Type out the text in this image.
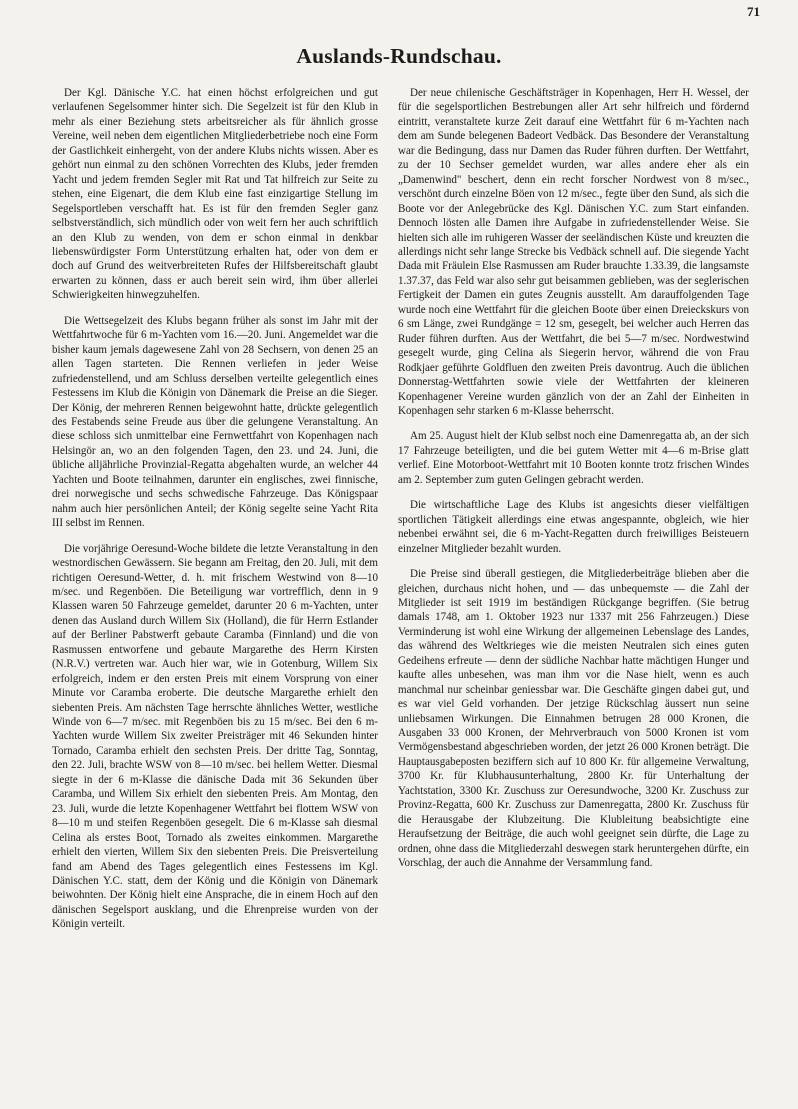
71
Auslands-Rundschau.

Der Kgl. Dänische Y.C. hat einen höchst erfolgreichen und gut verlaufenen Segelsommer hinter sich. Die Segelzeit ist für den Klub in mehr als einer Beziehung stets arbeitsreicher als für ähnlich grosse Vereine, weil neben dem eigentlichen Mitgliederbetriebe noch eine Form der Gastlichkeit einhergeht, von der andere Klubs nichts wissen. Aber es gehört nun einmal zu den schönen Vorrechten des Klubs, jeder fremden Yacht und jedem fremden Segler mit Rat und Tat hilfreich zur Seite zu stehen, eine Eigenart, die dem Klub eine fast einzigartige Stellung im Segelsportleben verschafft hat. Es ist für den fremden Segler ganz selbstverständlich, sich mündlich oder von weit fern her auch schriftlich an den Klub zu wenden, von dem er schon einmal in denkbar liebenswürdigster Form Unterstützung erhalten hat, oder von dem er doch auf Grund des weitverbreiteten Rufes der Hilfsbereitschaft glaubt erwarten zu können, dass er auch bereit sein wird, ihm über allerlei Schwierigkeiten hinwegzuhelfen.

Die Wettsegelzeit des Klubs begann früher als sonst im Jahr mit der Wettfahrtwoche für 6 m-Yachten vom 16.—20. Juni. Angemeldet war die bisher kaum jemals dagewesene Zahl von 28 Sechsern, von denen 25 an allen Tagen starteten. Die Rennen verliefen in jeder Weise zufriedenstellend, und am Schluss derselben verteilte gelegentlich eines Festessens im Klub die Königin von Dänemark die Preise an die Sieger. Der König, der mehreren Rennen beigewohnt hatte, drückte gelegentlich des Festabends seine Freude aus über die gelungene Veranstaltung. An diese schloss sich unmittelbar eine Fernwettfahrt von Kopenhagen nach Helsingör an, wo an den folgenden Tagen, den 23. und 24. Juni, die übliche alljährliche Provinzial-Regatta abgehalten wurde, an welcher 44 Yachten und Boote teilnahmen, darunter ein englisches, zwei finnische, drei norwegische und sechs schwedische Fahrzeuge. Das Königspaar nahm auch hier persönlichen Anteil; der König segelte seine Yacht Rita III selbst im Rennen.

Die vorjährige Oeresund-Woche bildete die letzte Veranstaltung in den westnordischen Gewässern. Sie begann am Freitag, den 20. Juli, mit dem richtigen Oeresund-Wetter, d. h. mit frischem Westwind von 8—10 m/sec. und Regenböen. Die Beteiligung war vortrefflich, denn in 9 Klassen waren 50 Fahrzeuge gemeldet, darunter 20 6 m-Yachten, unter denen das Ausland durch Willem Six (Holland), die für Herrn Estlander auf der Berliner Pabstwerft gebaute Caramba (Finnland) und die von Rasmussen entworfene und gebaute Margarethe des Herrn Kirsten (N.R.V.) vertreten war. Auch hier war, wie in Gotenburg, Willem Six erfolgreich, indem er den ersten Preis mit einem Vorsprung von einer Minute vor Caramba eroberte. Die deutsche Margarethe erhielt den siebenten Preis. Am nächsten Tage herrschte ähnliches Wetter, westliche Winde von 6—7 m/sec. mit Regenböen bis zu 15 m/sec. Bei den 6 m-Yachten wurde Willem Six zweiter Preisträger mit 46 Sekunden hinter Tornado, Caramba erhielt den sechsten Preis. Der dritte Tag, Sonntag, den 22. Juli, brachte WSW von 8—10 m/sec. bei hellem Wetter. Diesmal siegte in der 6 m-Klasse die dänische Dada mit 36 Sekunden über Caramba, und Willem Six erhielt den siebenten Preis. Am Montag, den 23. Juli, wurde die letzte Kopenhagener Wettfahrt bei flottem WSW von 8—10 m und steifen Regenböen gesegelt. Die 6 m-Klasse sah diesmal Celina als erstes Boot, Tornado als zweites einkommen. Margarethe erhielt den vierten, Willem Six den siebenten Preis. Die Preisverteilung fand am Abend des Tages gelegentlich eines Festessens im Kgl. Dänischen Y.C. statt, dem der König und die Königin von Dänemark beiwohnten. Der König hielt eine Ansprache, die in einem Hoch auf den dänischen Segelsport ausklang, und die Ehrenpreise wurden von der Königin verteilt.

Der neue chilenische Geschäftsträger in Kopenhagen, Herr H. Wessel, der für die segelsportlichen Bestrebungen aller Art sehr hilfreich und fördernd eintritt, veranstaltete kurze Zeit darauf eine Wettfahrt für 6 m-Yachten nach dem am Sunde belegenen Badeort Vedbäck. Das Besondere der Veranstaltung war die Bedingung, dass nur Damen das Ruder führen durften. Der Wettfahrt, zu der 10 Sechser gemeldet wurden, war alles andere eher als ein „Damenwind" beschert, denn ein recht forscher Nordwest von 8 m/sec., verschönt durch einzelne Böen von 12 m/sec., fegte über den Sund, als sich die Boote vor der Anlegebrücke des Kgl. Dänischen Y.C. zum Start einfanden. Dennoch lösten alle Damen ihre Aufgabe in zufriedenstellender Weise. Sie hielten sich alle im ruhigeren Wasser der seeländischen Küste und kreuzten die allerdings nicht sehr lange Strecke bis Vedbäck schnell auf. Die siegende Yacht Dada mit Fräulein Else Rasmussen am Ruder brauchte 1.33.39, die langsamste 1.37.37, das Feld war also sehr gut beisammen geblieben, was der seglerischen Fertigkeit der Damen ein gutes Zeugnis ausstellt. Am darauffolgenden Tage wurde noch eine Wettfahrt für die gleichen Boote über einen Dreieckskurs von 6 sm Länge, zwei Rundgänge = 12 sm, gesegelt, bei welcher auch Herren das Ruder führen durften. Aus der Wettfahrt, die bei 5—7 m/sec. Nordwestwind gesegelt wurde, ging Celina als Siegerin hervor, während die von Frau Rodkjaer geführte Goldfluen den zweiten Preis davontrug. Auch die üblichen Donnerstag-Wettfahrten sowie viele der Wettfahrten der kleineren Kopenhagener Vereine wurden gänzlich von der an Zahl der Einheiten in Kopenhagen sehr starken 6 m-Klasse beherrscht.

Am 25. August hielt der Klub selbst noch eine Damenregatta ab, an der sich 17 Fahrzeuge beteiligten, und die bei gutem Wetter mit 4—6 m-Brise glatt verlief. Eine Motorboot-Wettfahrt mit 10 Booten konnte trotz frischen Windes am 2. September zum guten Gelingen gebracht werden.

Die wirtschaftliche Lage des Klubs ist angesichts dieser vielfältigen sportlichen Tätigkeit allerdings eine etwas angespannte, obgleich, wie hier nebenbei erwähnt sei, die 6 m-Yacht-Regatten durch freiwilliges Beisteuern einzelner Mitglieder bezahlt wurden.

Die Preise sind überall gestiegen, die Mitgliederbeiträge blieben aber die gleichen, durchaus nicht hohen, und — das unbequemste — die Zahl der Mitglieder ist seit 1919 im beständigen Rückgange begriffen. (Sie betrug damals 1748, am 1. Oktober 1923 nur 1337 mit 256 Fahrzeugen.) Diese Verminderung ist wohl eine Wirkung der allgemeinen Lebenslage des Landes, das während des Weltkrieges wie die meisten Neutralen sich eines guten Gedeihens erfreute — denn der südliche Nachbar hatte mächtigen Hunger und kaufte alles unbesehen, was man ihm vor die Nase hielt, wenn es auch manchmal nur scheinbar geniessbar war. Die Geschäfte gingen dabei gut, und es war viel Geld vorhanden. Der jetzige Rückschlag äussert nun seine unliebsamen Wirkungen. Die Einnahmen betrugen 28 000 Kronen, die Ausgaben 33 000 Kronen, der Mehrverbrauch von 5000 Kronen ist vom Vermögensbestand abgeschrieben worden, der jetzt 26 000 Kronen beträgt. Die Hauptausgabeposten beziffern sich auf 10 800 Kr. für allgemeine Verwaltung, 3700 Kr. für Klubhausunterhaltung, 2800 Kr. für Unterhaltung der Yachtstation, 3300 Kr. Zuschuss zur Oeresundwoche, 3200 Kr. Zuschuss zur Provinz-Regatta, 600 Kr. Zuschuss zur Damenregatta, 2800 Kr. Zuschuss für die Herausgabe der Klubzeitung. Die Klubleitung beabsichtigte eine Heraufsetzung der Beiträge, die auch wohl geeignet sein dürfte, die Lage zu ordnen, ohne dass die Mitgliederzahl deswegen stark heruntergehen dürfte, ein Vorschlag, der auch die Annahme der Versammlung fand.
